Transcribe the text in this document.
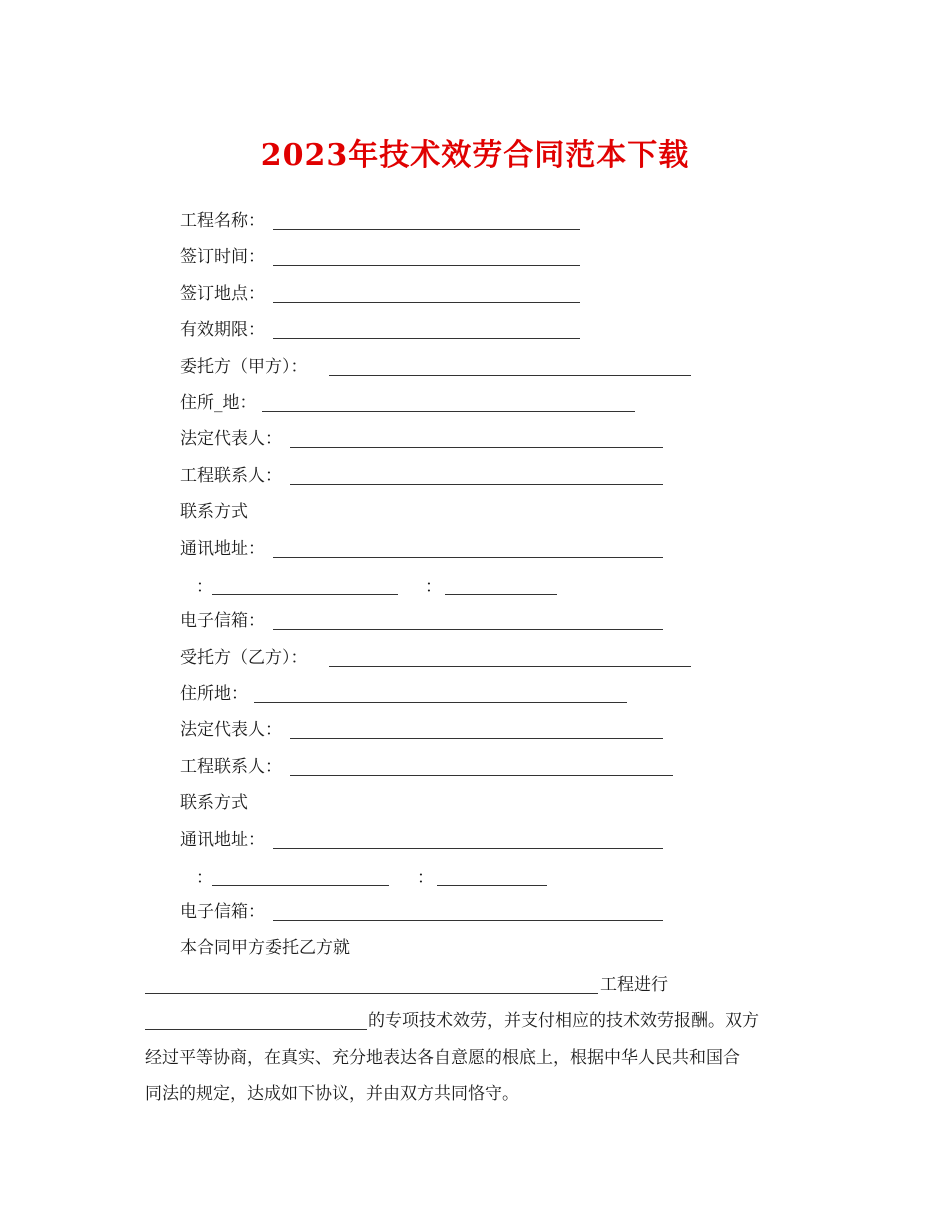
2023年技术效劳合同范本下载
工程名称：
签订时间：
签订地点：
有效期限：
委托方（甲方）：
住所_地：
法定代表人：
工程联系人：
联系方式
通讯地址：
：	：
电子信箱：
受托方（乙方）：
住所地：
法定代表人：
工程联系人：
联系方式
通讯地址：
：	：
电子信箱：
本合同甲方委托乙方就
工程进行
的专项技术效劳，并支付相应的技术效劳报酬。双方
经过平等协商，在真实、充分地表达各自意愿的根底上，根据中华人民共和国合
同法的规定，达成如下协议，并由双方共同恪守。
